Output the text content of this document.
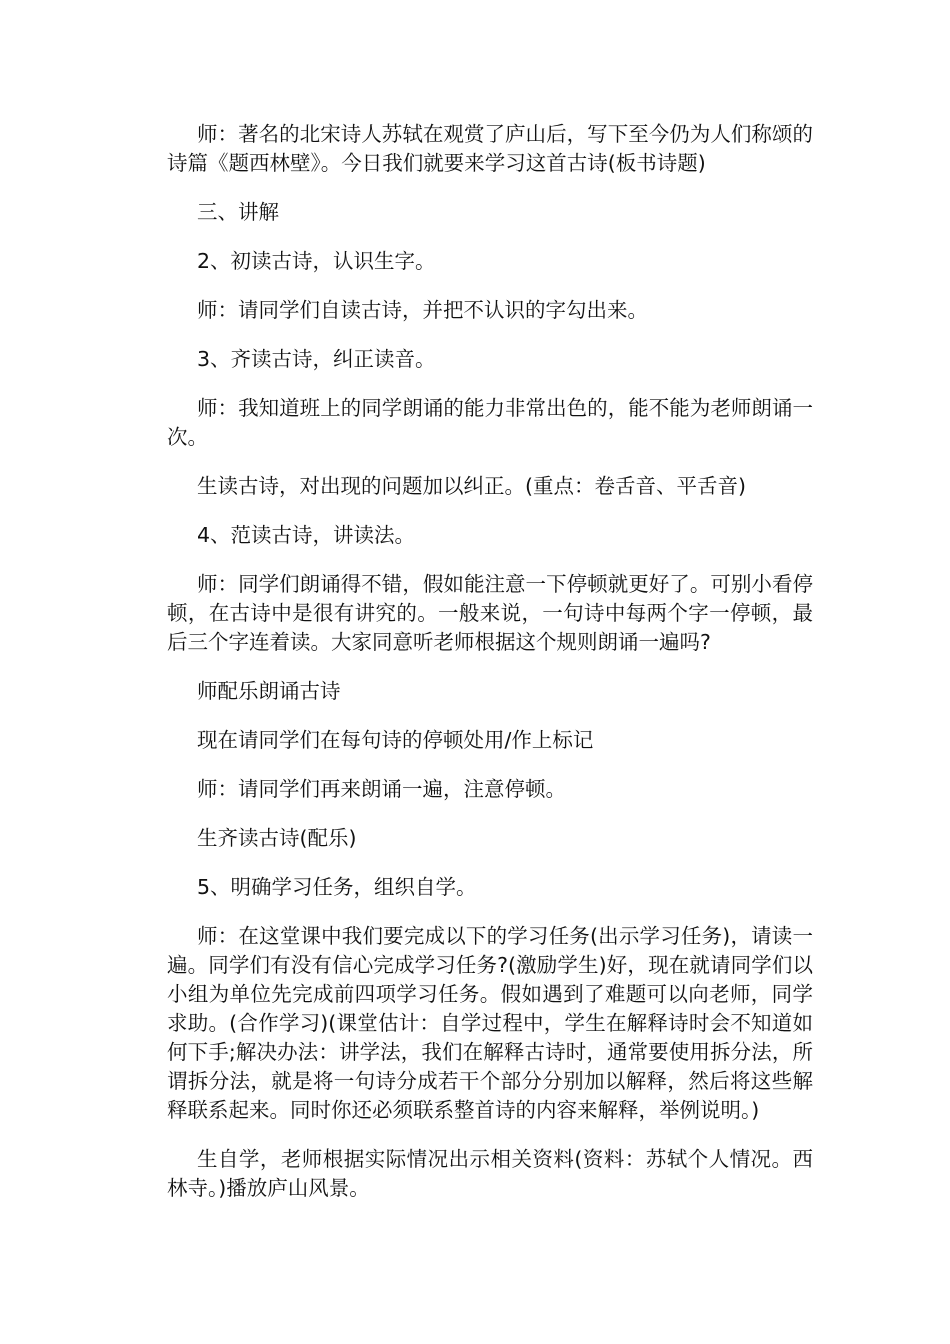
师：著名的北宋诗人苏轼在观赏了庐山后，写下至今仍为人们称颂的诗篇《题西林壁》。今日我们就要来学习这首古诗(板书诗题)

三、讲解

2、初读古诗，认识生字。

师：请同学们自读古诗，并把不认识的字勾出来。

3、齐读古诗，纠正读音。

师：我知道班上的同学朗诵的能力非常出色的，能不能为老师朗诵一次。

生读古诗，对出现的问题加以纠正。(重点：卷舌音、平舌音)

4、范读古诗，讲读法。

师：同学们朗诵得不错，假如能注意一下停顿就更好了。可别小看停顿，在古诗中是很有讲究的。一般来说，一句诗中每两个字一停顿，最后三个字连着读。大家同意听老师根据这个规则朗诵一遍吗?

师配乐朗诵古诗

现在请同学们在每句诗的停顿处用/作上标记

师：请同学们再来朗诵一遍，注意停顿。

生齐读古诗(配乐)

5、明确学习任务，组织自学。

师：在这堂课中我们要完成以下的学习任务(出示学习任务)，请读一遍。同学们有没有信心完成学习任务?(激励学生)好，现在就请同学们以小组为单位先完成前四项学习任务。假如遇到了难题可以向老师，同学求助。(合作学习)(课堂估计：自学过程中，学生在解释诗时会不知道如何下手;解决办法：讲学法，我们在解释古诗时，通常要使用拆分法，所谓拆分法，就是将一句诗分成若干个部分分别加以解释，然后将这些解释联系起来。同时你还必须联系整首诗的内容来解释，举例说明。)

生自学，老师根据实际情况出示相关资料(资料：苏轼个人情况。西林寺。)播放庐山风景。
